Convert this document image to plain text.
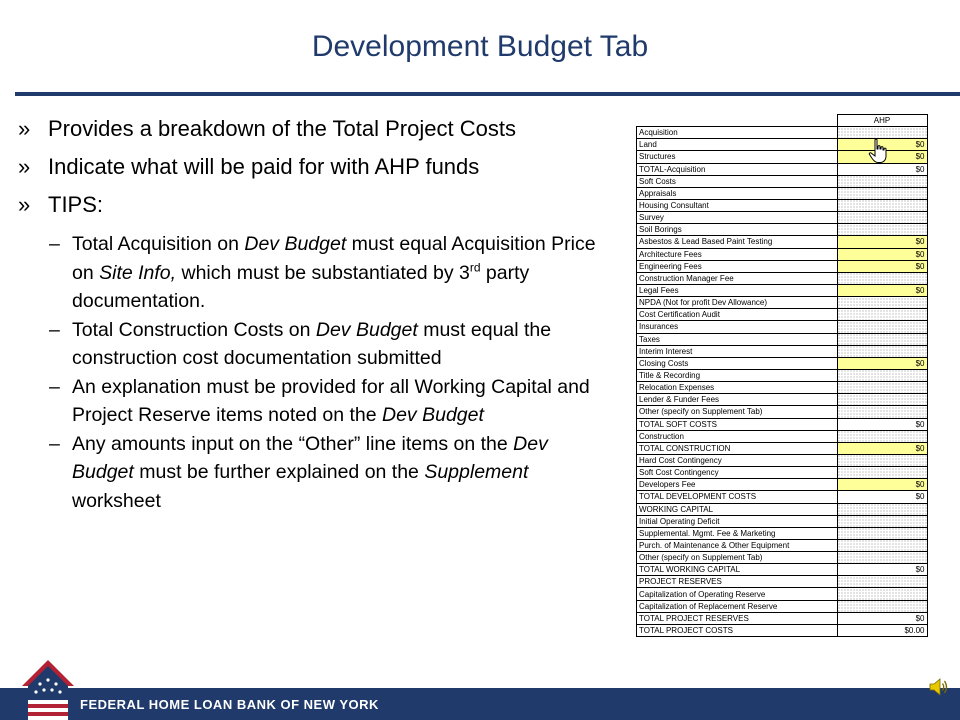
Development Budget Tab
» Provides a breakdown of the Total Project Costs
» Indicate what will be paid for with AHP funds
» TIPS:
– Total Acquisition on Dev Budget must equal Acquisition Price on Site Info, which must be substantiated by 3rd party documentation.
– Total Construction Costs on Dev Budget must equal the construction cost documentation submitted
– An explanation must be provided for all Working Capital and Project Reserve items noted on the Dev Budget
– Any amounts input on the “Other” line items on the Dev Budget must be further explained on the Supplement worksheet
	AHP
Acquisition	
Land	$0
Structures	$0
TOTAL-Acquisition	$0
Soft Costs	
Appraisals	
Housing Consultant	
Survey	
Soil Borings	
Asbestos & Lead Based Paint Testing	$0
Architecture Fees	$0
Engineering Fees	$0
Construction Manager Fee	
Legal Fees	$0
NPDA (Not for profit Dev Allowance)	
Cost Certification Audit	
Insurances	
Taxes	
Interim Interest	
Closing Costs	$0
Title & Recording	
Relocation Expenses	
Lender & Funder Fees	
Other (specify on Supplement Tab)	
TOTAL SOFT COSTS	$0
Construction	
TOTAL CONSTRUCTION	$0
Hard Cost Contingency	
Soft Cost Contingency	
Developers Fee	$0
TOTAL DEVELOPMENT COSTS	$0
WORKING CAPITAL	
Initial Operating Deficit	
Supplemental. Mgmt. Fee & Marketing	
Purch. of Maintenance & Other Equipment	
Other (specify on Supplement Tab)	
TOTAL WORKING CAPITAL	$0
PROJECT RESERVES	
Capitalization of Operating Reserve	
Capitalization of Replacement Reserve	
TOTAL PROJECT RESERVES	$0
TOTAL PROJECT COSTS	$0.00
FEDERAL HOME LOAN BANK OF NEW YORK
